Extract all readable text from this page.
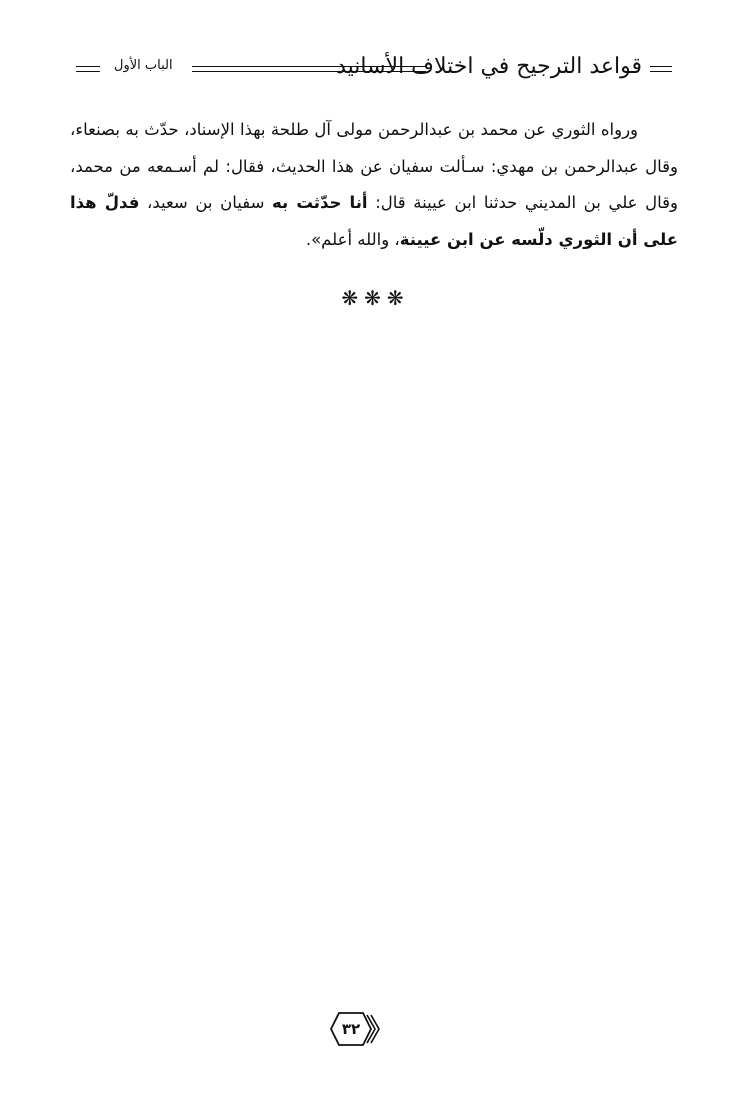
قواعد الترجيح في اختلاف الأسانيد
الباب الأول

ورواه الثوري عن محمد بن عبدالرحمن مولى آل طلحة بهذا الإسناد، حدّث به بصنعاء، وقال عبدالرحمن بن مهدي: سـألت سفيان عن هذا الحديث، فقال: لم أسـمعه من محمد، وقال علي بن المديني حدثنا ابن عيينة قال: أنا حدّثت به سفيان بن سعيد، فدلّ هذا على أن الثوري دلّسه عن ابن عيينة، والله أعلم».

❋❋❋
٣٢
